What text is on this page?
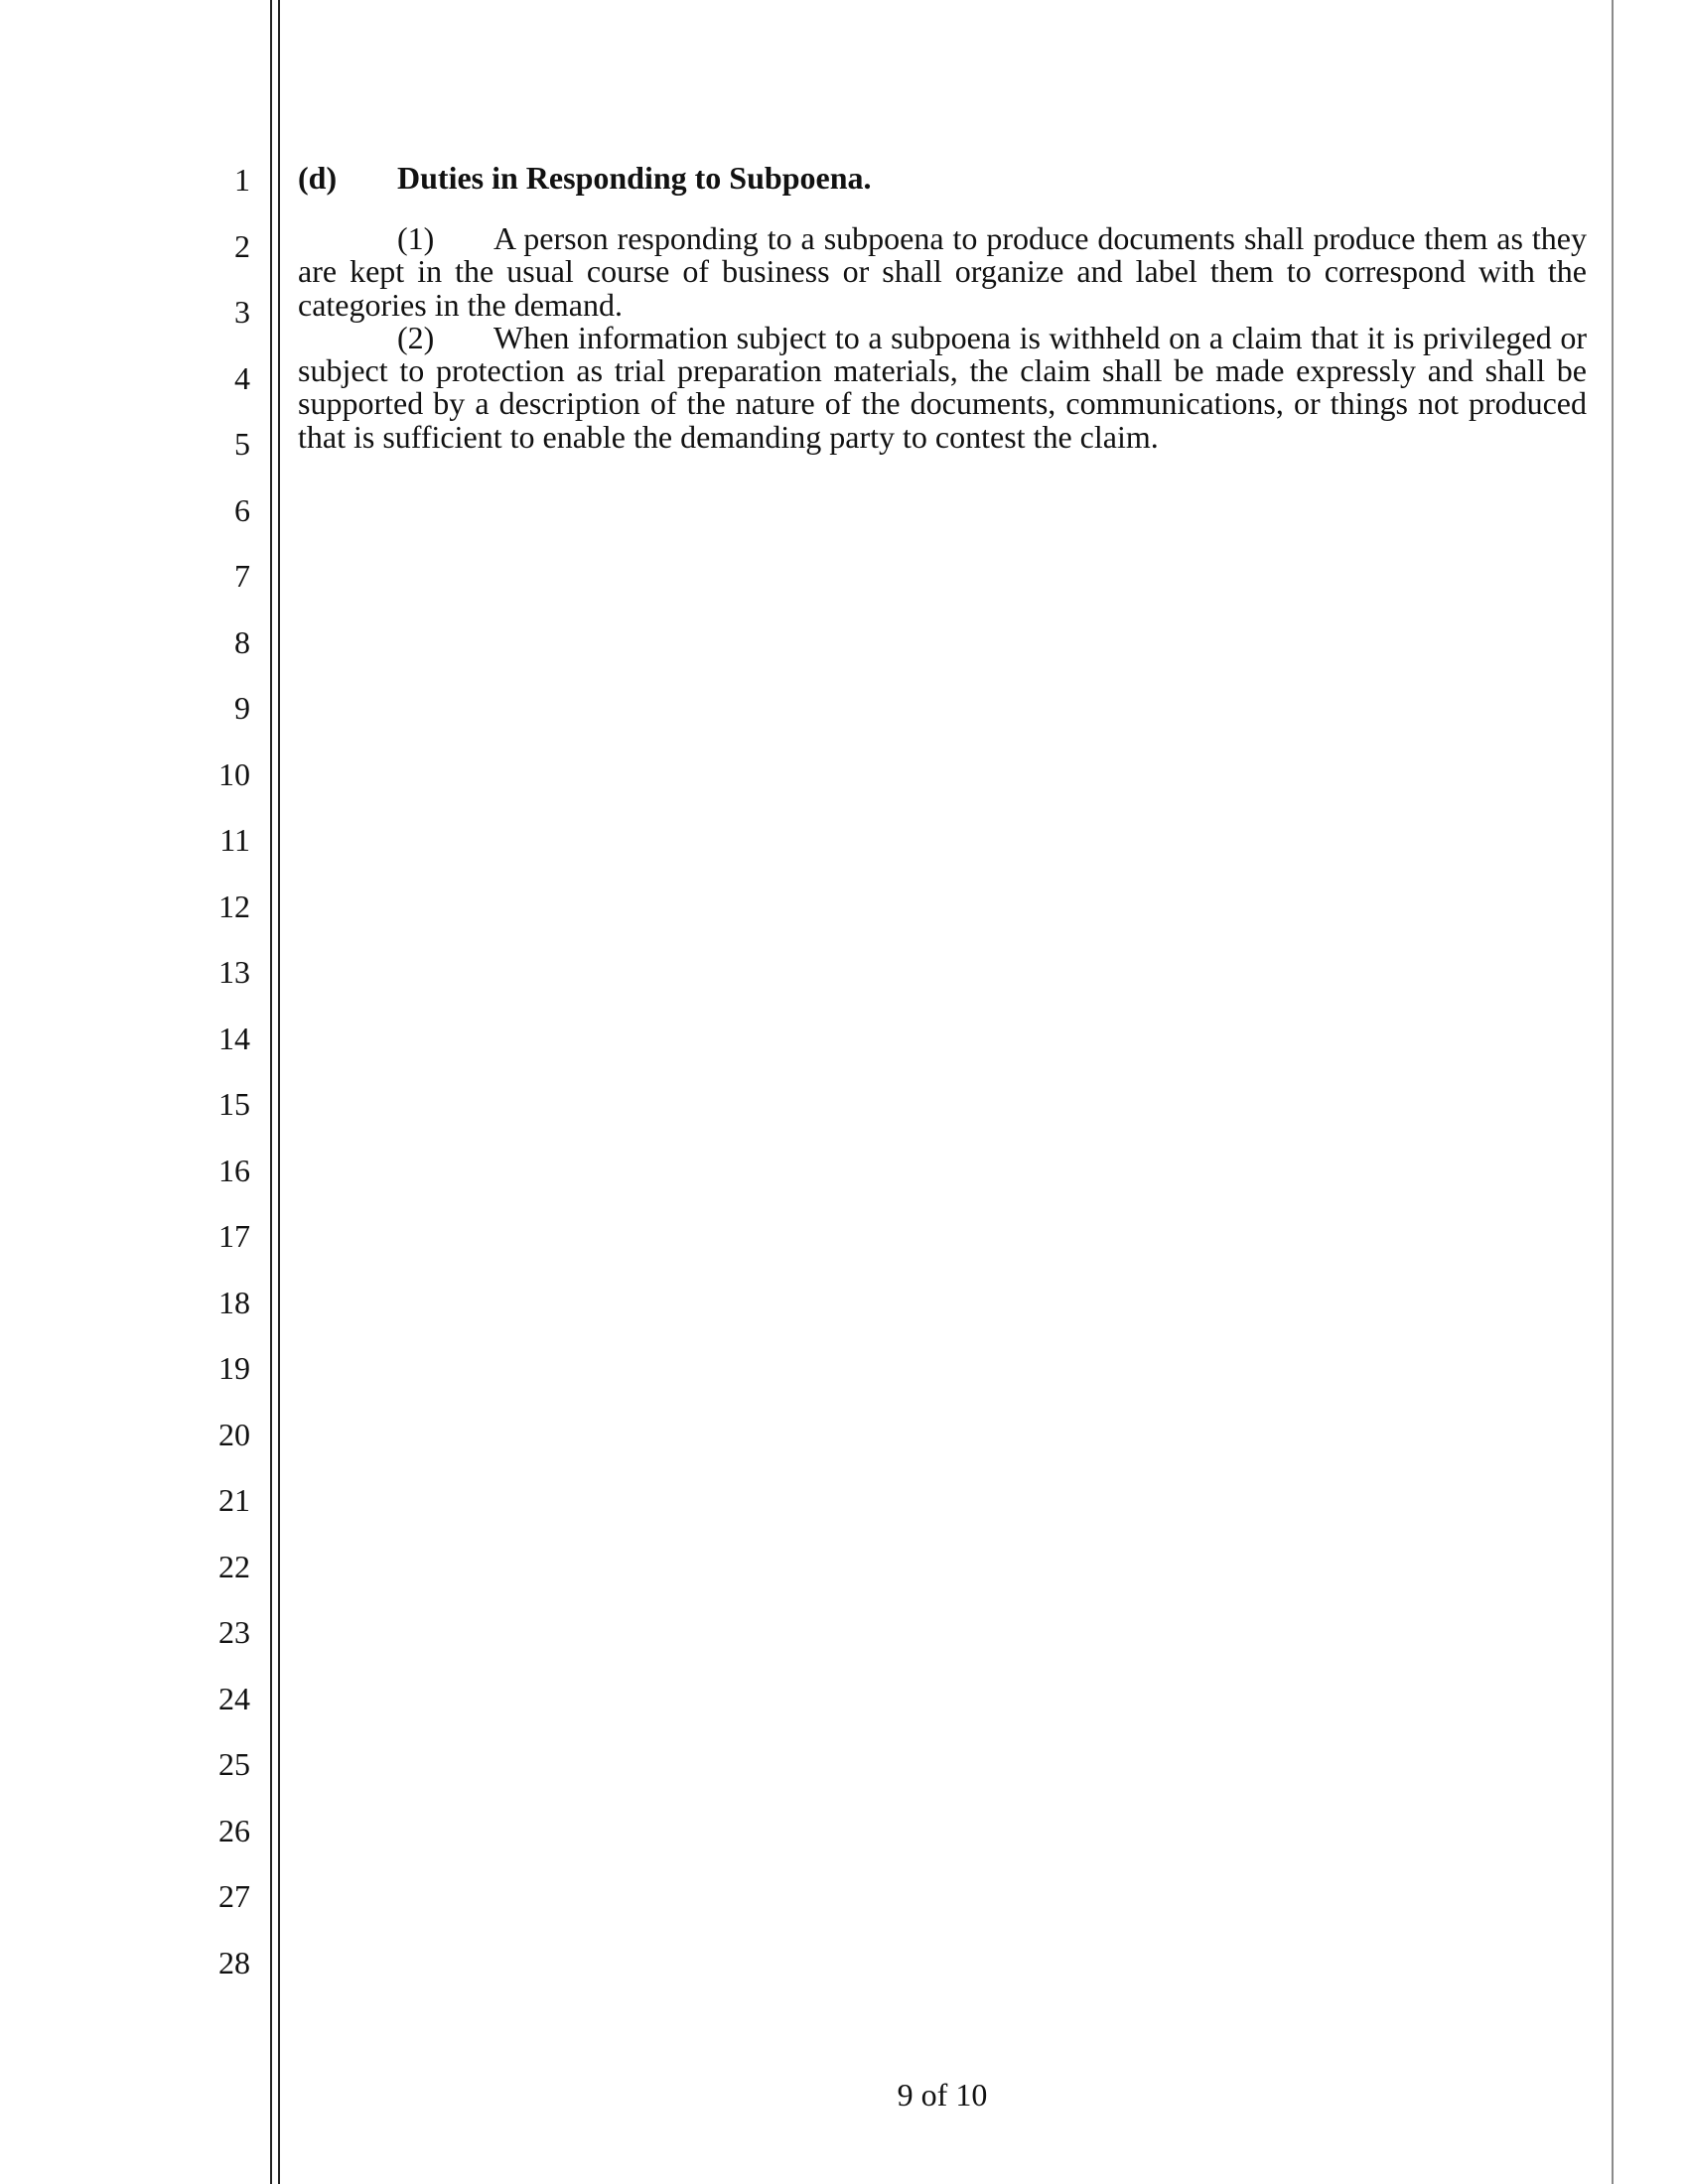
1
2
3
4
5
6
7
8
9
10
11
12
13
14
15
16
17
18
19
20
21
22
23
24
25
26
27
28
(d) Duties in Responding to Subpoena.

(1) A person responding to a subpoena to produce documents shall produce them as they are kept in the usual course of business or shall organize and label them to correspond with the categories in the demand.

(2) When information subject to a subpoena is withheld on a claim that it is privileged or subject to protection as trial preparation materials, the claim shall be made expressly and shall be supported by a description of the nature of the documents, communications, or things not produced that is sufficient to enable the demanding party to contest the claim.

9 of 10
